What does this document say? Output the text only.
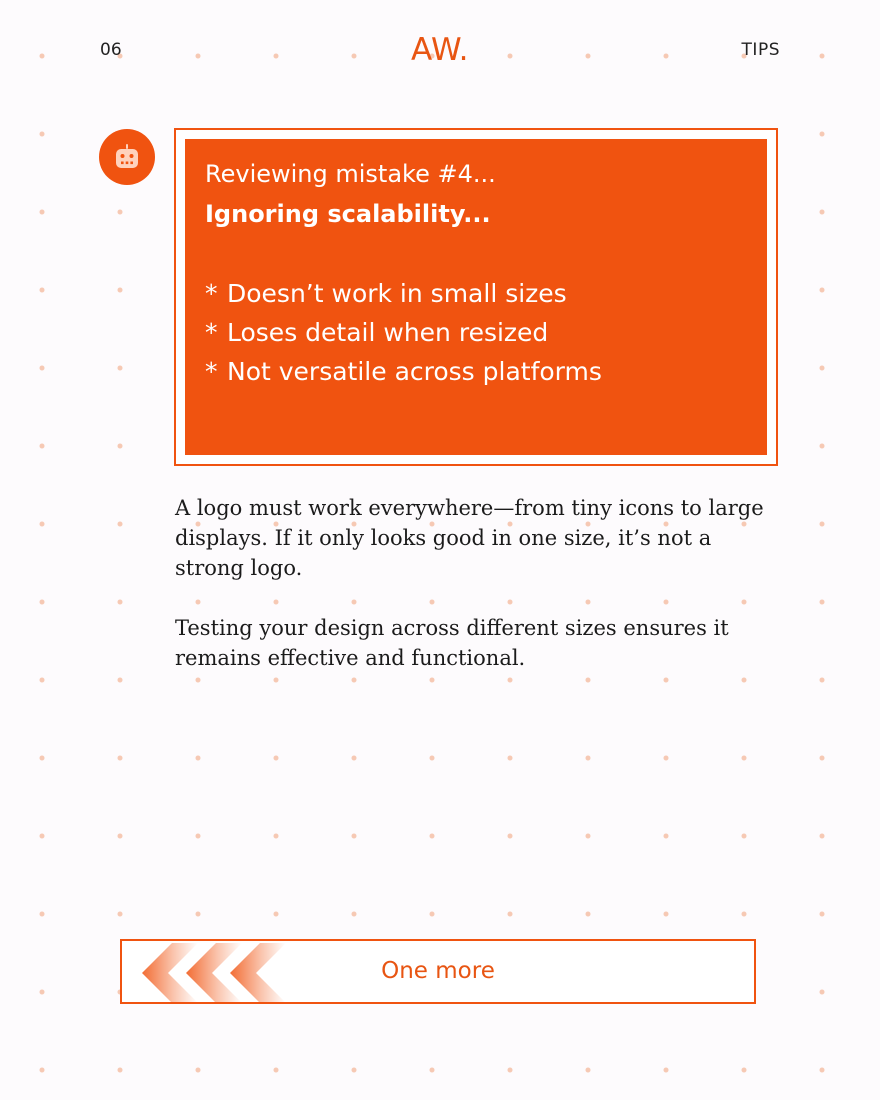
06	AW.	TIPS
Reviewing mistake #4...
Ignoring scalability...
* Doesn’t work in small sizes
* Loses detail when resized
* Not versatile across platforms

A logo must work everywhere—from tiny icons to large displays. If it only looks good in one size, it’s not a strong logo.

Testing your design across different sizes ensures it remains effective and functional.

One more
